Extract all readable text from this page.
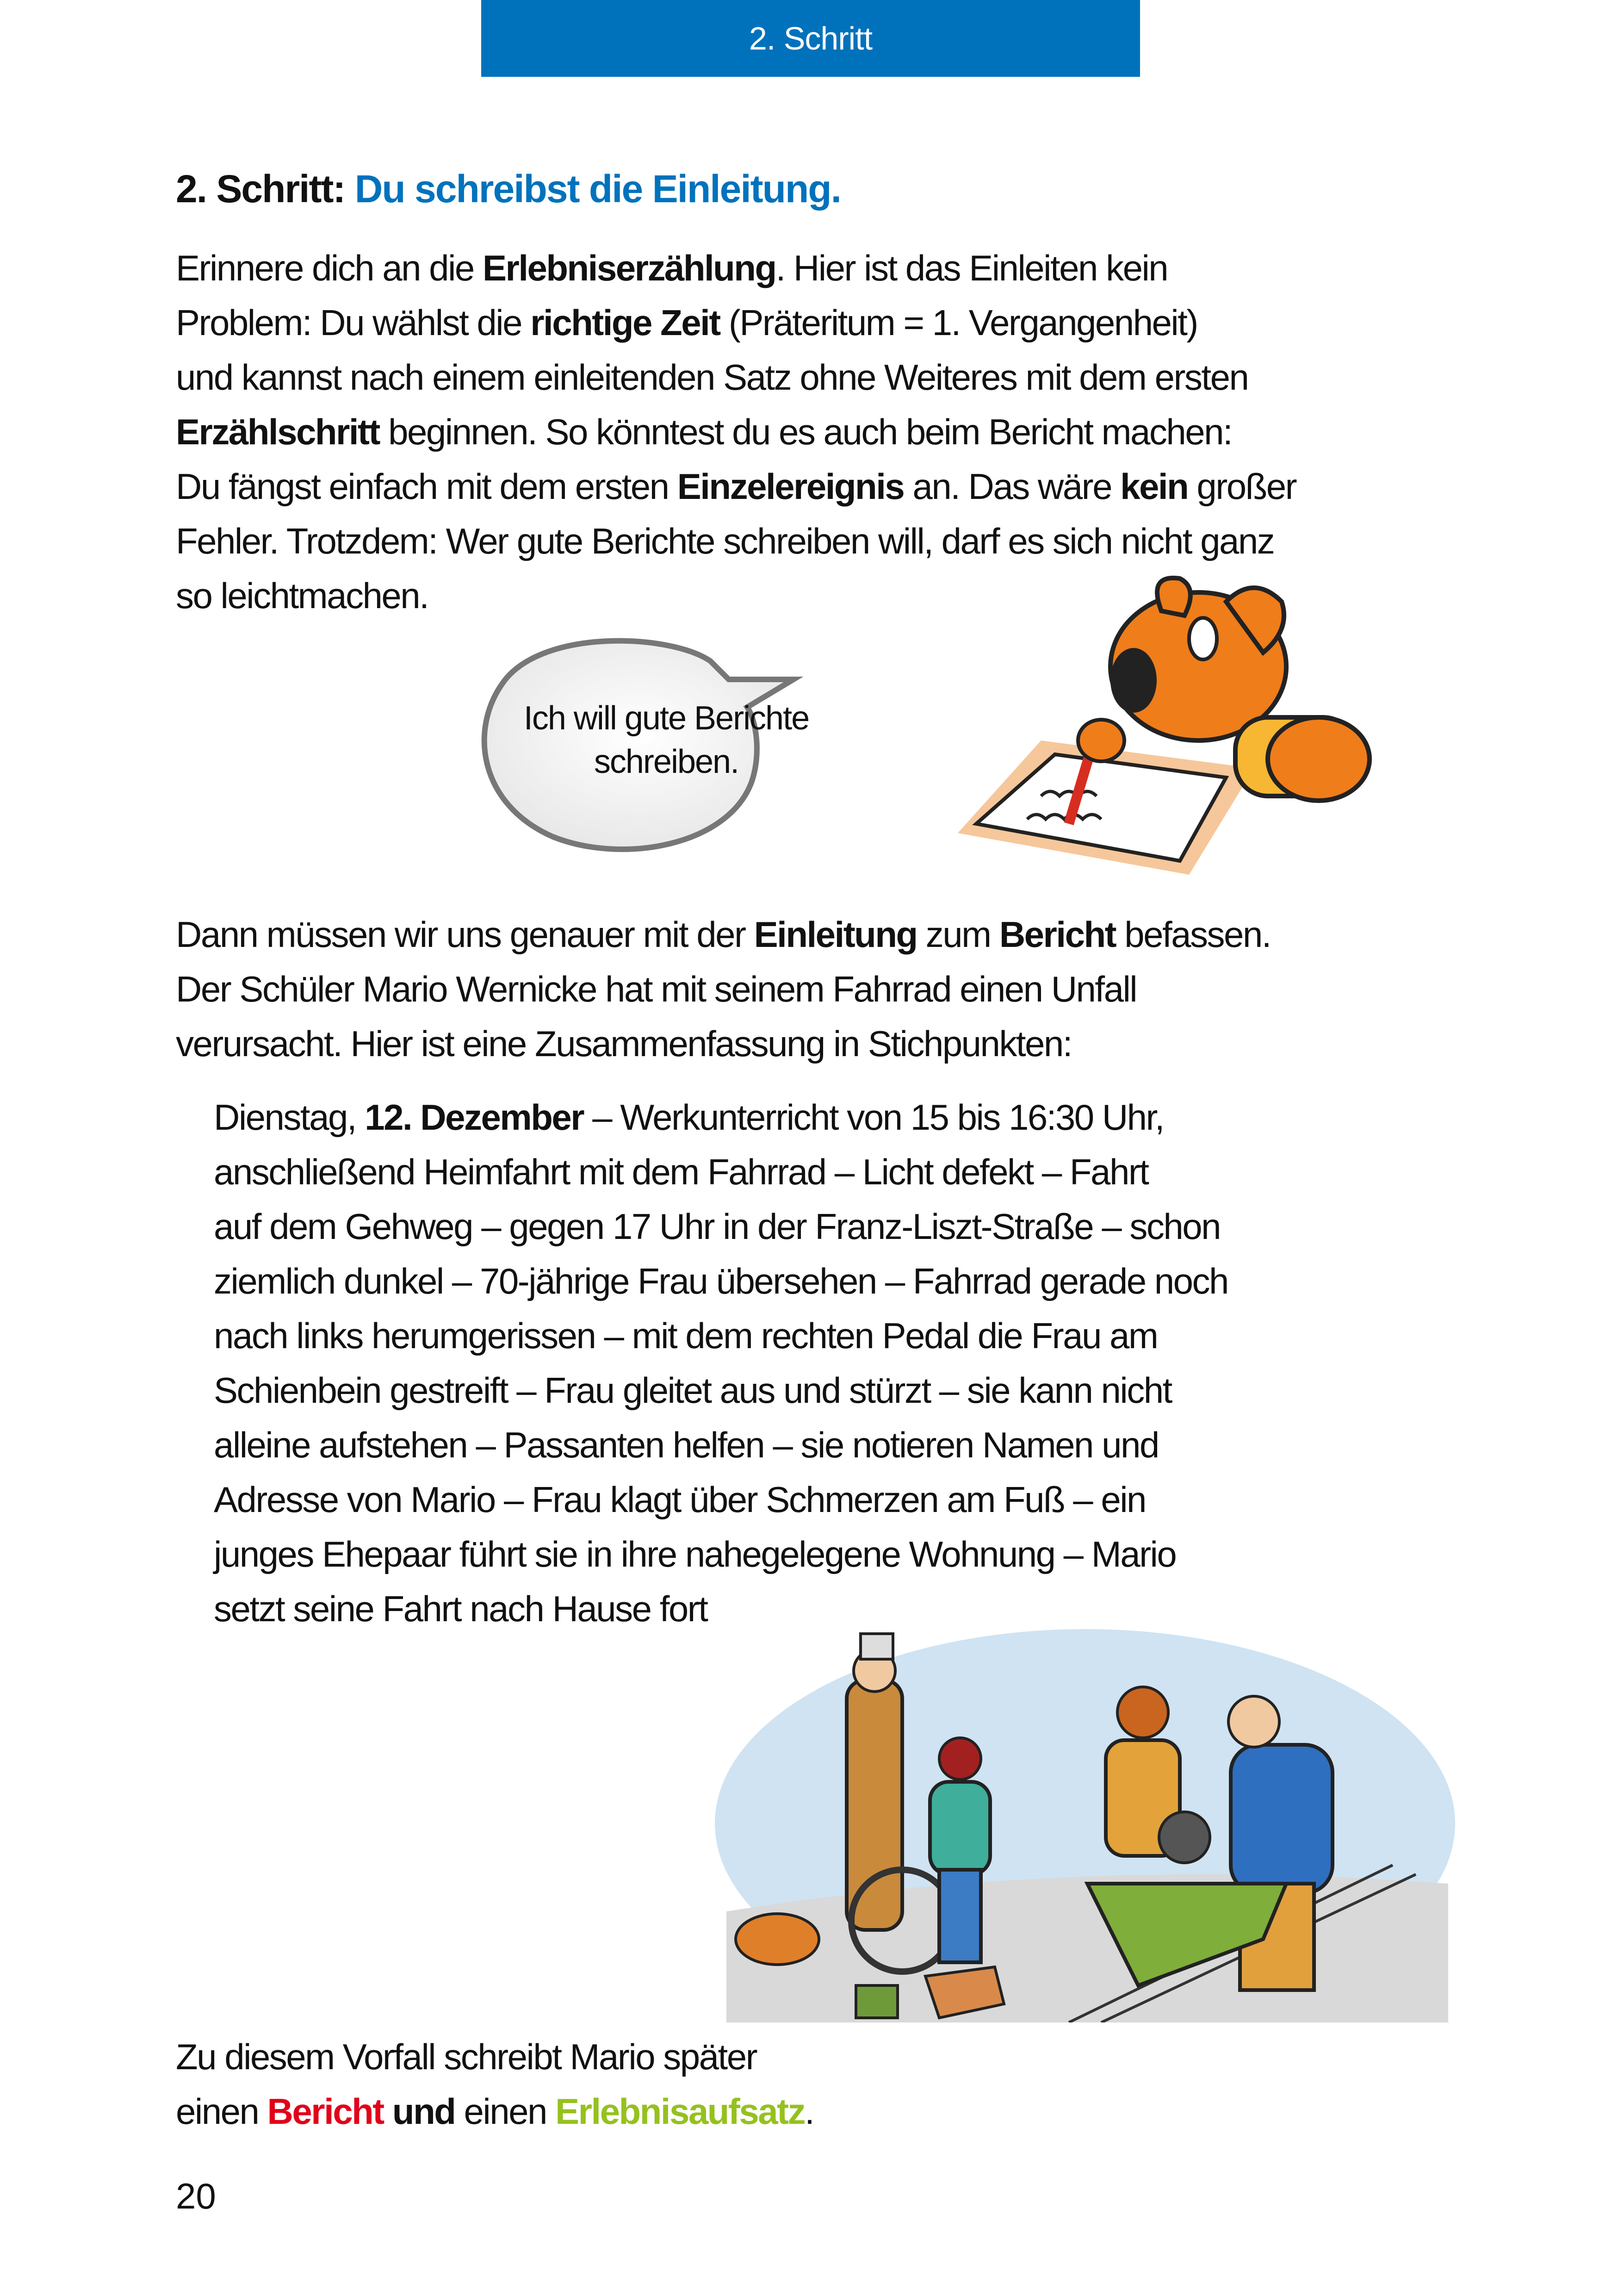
2. Schritt
2. Schritt: Du schreibst die Einleitung.
Erinnere dich an die Erlebniserzählung. Hier ist das Einleiten kein
Problem: Du wählst die richtige Zeit (Präteritum = 1. Vergangenheit)
und kannst nach einem einleitenden Satz ohne Weiteres mit dem ersten
Erzählschritt beginnen. So könntest du es auch beim Bericht machen:
Du fängst einfach mit dem ersten Einzelereignis an. Das wäre kein großer
Fehler. Trotzdem: Wer gute Berichte schreiben will, darf es sich nicht ganz
so leichtmachen.
Ich will gute Berichte
schreiben.
Dann müssen wir uns genauer mit der Einleitung zum Bericht befassen.
Der Schüler Mario Wernicke hat mit seinem Fahrrad einen Unfall
verursacht. Hier ist eine Zusammenfassung in Stichpunkten:
Dienstag, 12. Dezember – Werkunterricht von 15 bis 16:30 Uhr,
anschließend Heimfahrt mit dem Fahrrad – Licht defekt – Fahrt
auf dem Gehweg – gegen 17 Uhr in der Franz-Liszt-Straße – schon
ziemlich dunkel – 70-jährige Frau übersehen – Fahrrad gerade noch
nach links herumgerissen – mit dem rechten Pedal die Frau am
Schienbein gestreift – Frau gleitet aus und stürzt – sie kann nicht
alleine aufstehen – Passanten helfen – sie notieren Namen und
Adresse von Mario – Frau klagt über Schmerzen am Fuß – ein
junges Ehepaar führt sie in ihre nahegelegene Wohnung – Mario
setzt seine Fahrt nach Hause fort
Zu diesem Vorfall schreibt Mario später
einen Bericht und einen Erlebnisaufsatz.
20
